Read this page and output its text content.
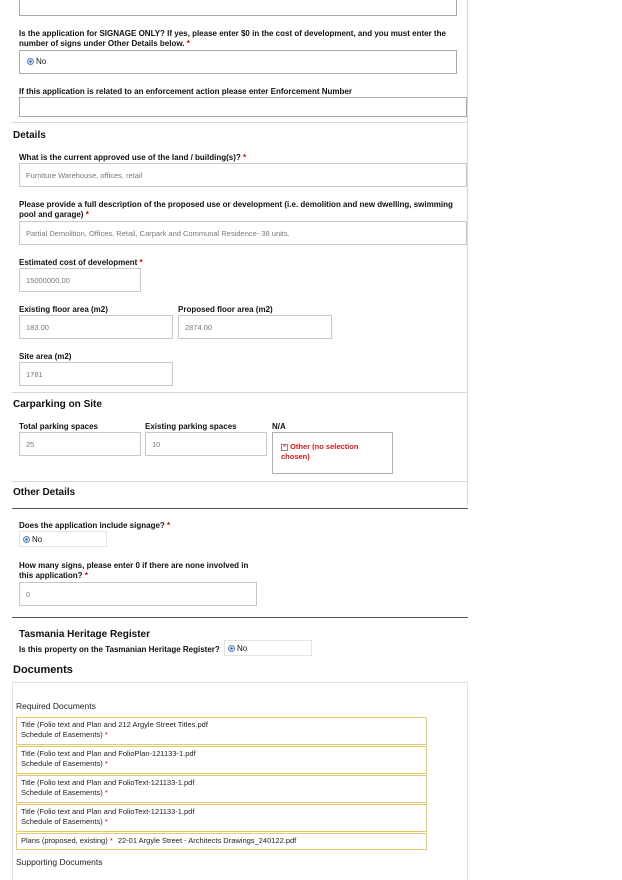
Is the application for SIGNAGE ONLY? If yes, please enter $0 in the cost of development, and you must enter the number of signs under Other Details below. *
No
If this application is related to an enforcement action please enter Enforcement Number
Details
What is the current approved use of the land / building(s)? *
Furniture Warehouse, offices, retail
Please provide a full description of the proposed use or development (i.e. demolition and new dwelling, swimming pool and garage) *
Partial Demolition, Offices, Retail, Carpark and Communal Residence- 38 units.
Estimated cost of development *
15000000.00
Existing floor area (m2)
183.00
Proposed floor area (m2)
2874.00
Site area (m2)
1781
Carparking on Site
Total parking spaces
25
Existing parking spaces
10
N/A
× Other (no selection chosen)
Other Details
Does the application include signage? *
No
How many signs, please enter 0 if there are none involved in this application? *
0
Tasmania Heritage Register
Is this property on the Tasmanian Heritage Register? No
Documents
Required Documents
Title (Folio text and Plan and 212 Argyle Street Titles.pdf
Schedule of Easements) *
Title (Folio text and Plan and FolioPlan-121133-1.pdf
Schedule of Easements) *
Title (Folio text and Plan and FolioText-121133-1.pdf
Schedule of Easements) *
Title (Folio text and Plan and FolioText-121133-1.pdf
Schedule of Easements) *
Plans (proposed, existing) * 22-01 Argyle Street - Architects Drawings_240122.pdf
Supporting Documents
